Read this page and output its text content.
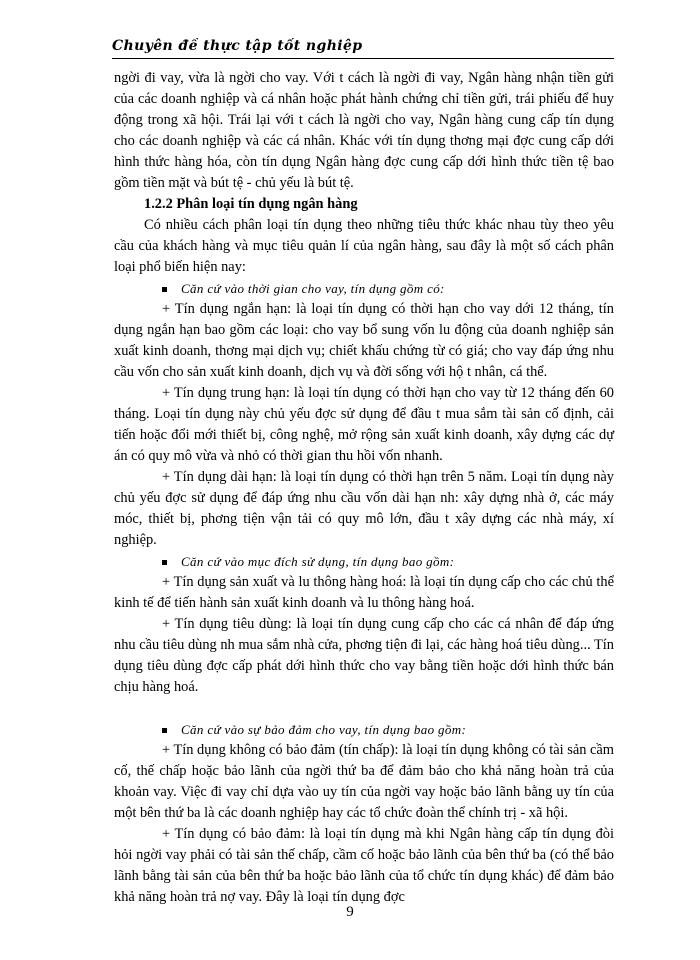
Chuyên đề thực tập tốt nghiệp

ngời đi vay, vừa là ngời cho vay. Với t cách là ngời đi vay, Ngân hàng nhận tiền gửi của các doanh nghiệp và cá nhân hoặc phát hành chứng chỉ tiền gửi, trái phiếu để huy động trong xã hội. Trái lại với t cách là ngời cho vay, Ngân hàng cung cấp tín dụng cho các doanh nghiệp và các cá nhân. Khác với tín dụng thơng mại đợc cung cấp dới hình thức hàng hóa, còn tín dụng Ngân hàng đợc cung cấp dới hình thức tiền tệ bao gồm tiền mặt và bút tệ - chủ yếu là bút tệ.

1.2.2 Phân loại tín dụng ngân hàng

Có nhiều cách phân loại tín dụng theo những tiêu thức khác nhau tùy theo yêu cầu của khách hàng và mục tiêu quản lí của ngân hàng, sau đây là một số cách phân loại phổ biến hiện nay:

Căn cứ vào thời gian cho vay, tín dụng gồm có:

+ Tín dụng ngắn hạn: là loại tín dụng có thời hạn cho vay dới 12 tháng, tín dụng ngắn hạn bao gồm các loại: cho vay bổ sung vốn lu động của doanh nghiệp sản xuất kinh doanh, thơng mại dịch vụ; chiết khấu chứng từ có giá; cho vay đáp ứng nhu cầu vốn cho sản xuất kinh doanh, dịch vụ và đời sống với hộ t nhân, cá thể.

+ Tín dụng trung hạn: là loại tín dụng có thời hạn cho vay từ 12 tháng đến 60 tháng. Loại tín dụng này chủ yếu đợc sử dụng để đầu t mua sắm tài sản cố định, cải tiến hoặc đổi mới thiết bị, công nghệ, mở rộng sản xuất kinh doanh, xây dựng các dự án có quy mô vừa và nhỏ có thời gian thu hồi vốn nhanh.

+ Tín dụng dài hạn: là loại tín dụng có thời hạn trên 5 năm. Loại tín dụng này chủ yếu đợc sử dụng để đáp ứng nhu cầu vốn dài hạn nh: xây dựng nhà ở, các máy móc, thiết bị, phơng tiện vận tải có quy mô lớn, đầu t xây dựng các nhà máy, xí nghiệp.

Căn cứ vào mục đích sử dụng, tín dụng bao gồm:

+ Tín dụng sản xuất và lu thông hàng hoá: là loại tín dụng cấp cho các chủ thể kinh tế để tiến hành sản xuất kinh doanh và lu thông hàng hoá.

+ Tín dụng tiêu dùng: là loại tín dụng cung cấp cho các cá nhân để đáp ứng nhu cầu tiêu dùng nh mua sắm nhà cửa, phơng tiện đi lại, các hàng hoá tiêu dùng... Tín dụng tiêu dùng đợc cấp phát dới hình thức cho vay bằng tiền hoặc dới hình thức bán chịu hàng hoá.

Căn cứ vào sự bảo đảm cho vay, tín dụng bao gồm:

+ Tín dụng không có bảo đảm (tín chấp): là loại tín dụng không có tài sản cầm cố, thế chấp hoặc bảo lãnh của ngời thứ ba để đảm bảo cho khả năng hoàn trả của khoản vay. Việc đi vay chỉ dựa vào uy tín của ngời vay hoặc bảo lãnh bằng uy tín của một bên thứ ba là các doanh nghiệp hay các tổ chức đoàn thể chính trị - xã hội.

+ Tín dụng có bảo đảm: là loại tín dụng mà khi Ngân hàng cấp tín dụng đòi hỏi ngời vay phải có tài sản thế chấp, cầm cố hoặc bảo lãnh của bên thứ ba (có thể bảo lãnh bằng tài sản của bên thứ ba hoặc bảo lãnh của tổ chức tín dụng khác) để đảm bảo khả năng hoàn trả nợ vay. Đây là loại tín dụng đợc

9
